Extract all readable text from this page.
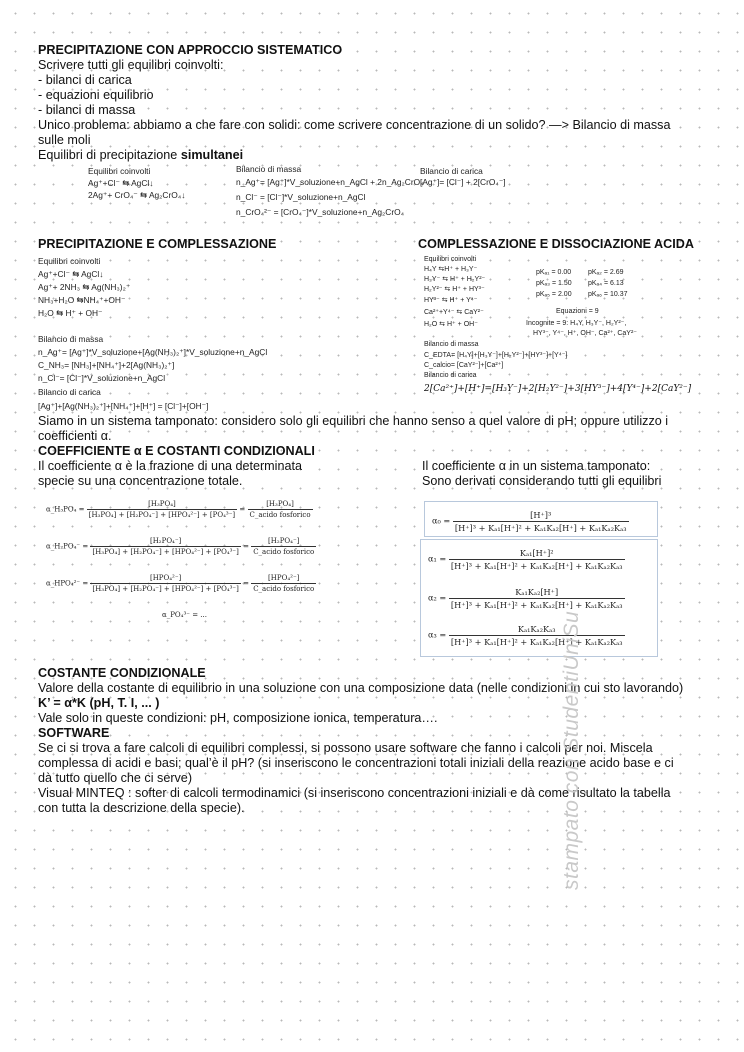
PRECIPITAZIONE CON APPROCCIO SISTEMATICO
Scrivere tutti gli equilibri coinvolti:
- bilanci di carica
- equazioni equilibrio
- bilanci di massa
Unico problema: abbiamo a che fare con solidi: come scrivere concentrazione di un solido? —> Bilancio di massa
sulle moli
Equilibri di precipitazione simultanei
Equilibri coinvolti
Ag⁺+Cl⁻ ⇆ AgCl↓
2Ag⁺+ CrO₄⁻ ⇆ Ag₂CrO₄↓
Bilancio di massa
n_Ag⁺= [Ag⁺]*V_soluzione+n_AgCl + 2n_Ag₂CrO₄
n_Cl⁻ = [Cl⁻]*V_soluzione+n_AgCl
n_CrO₄²⁻ = [CrO₄⁻]*V_soluzione+n_Ag₂CrO₄
Bilancio di carica
[Ag⁺]= [Cl⁻] + 2[CrO₄⁻]
PRECIPITAZIONE E COMPLESSAZIONE
Equilibri coinvolti
Ag⁺+Cl⁻ ⇆ AgCl↓
Ag⁺+ 2NH₃ ⇆ Ag(NH₃)₂⁺
NH₃+H₂O ⇆NH₄⁺+OH⁻
H₂O ⇆ H⁺ + OH⁻
Bilancio di massa
n_Ag⁺= [Ag⁺]*V_soluzione+[Ag(NH₃)₂⁺]*V_soluzione+n_AgCl
C_NH₃= [NH₃]+[NH₄⁺]+2[Ag(NH₃)₂⁺]
n_Cl⁻= [Cl⁻]*V_soluzione+n_AgCl
Bilancio di carica
[Ag⁺]+[Ag(NH₃)₂⁺]+[NH₄⁺]+[H⁺] = [Cl⁻]+[OH⁻]
COMPLESSAZIONE E DISSOCIAZIONE ACIDA
Equilibri coinvolti
H₄Y ⇆H⁺ + H₃Y⁻
H₃Y⁻ ⇆ H⁺ + H₂Y²⁻
H₂Y²⁻ ⇆ H⁺ + HY³⁻
HY³⁻ ⇆ H⁺ + Y⁴⁻
Ca²⁺+Y⁴⁻ ⇆ CaY²⁻
H₂O ⇆ H⁺ + OH⁻
pKₐ₁ = 0.00
pKₐ₃ = 1.50
pKₐ₅ = 2.00
pKₐ₂ = 2.69
pKₐ₄ = 6.13
pKₐ₆ = 10.37
Equazioni = 9
Incognite = 9: H₄Y, H₃Y⁻, H₂Y²⁻,
HY³⁻, Y⁴⁻, H⁺, OH⁻, Ca²⁺, CaY²⁻
Bilancio di massa
C_EDTA= [H₄Y]+[H₃Y⁻]+[H₂Y²⁻]+[HY³⁻]+[Y⁴⁻]
C_calcio= [CaY²⁻]+[Ca²⁺]
Bilancio di carica
2[Ca²⁺]+[H⁺]=[H₃Y⁻]+2[H₂Y²⁻]+3[HY³⁻]+4[Y⁴⁻]+2[CaY²⁻]
Siamo in un sistema tamponato: considero solo gli equilibri che hanno senso a quel valore di pH; oppure utilizzo i
coefficienti α.
COEFFICIENTE α E COSTANTI CONDIZIONALI
Il coefficiente α è la frazione di una determinata
specie su una concentrazione totale.
Il coefficiente α in un sistema tamponato:
Sono derivati considerando tutti gli equilibri
α_H₃PO₄ = $\frac{\text{[H₃PO₄]}}{\text{[H₃PO₄] + [H₂PO₄⁻] + [HPO₄²⁻] + [PO₄³⁻]}} = \frac{\text{[H₃PO₄]}}{\text{C\_acido fosforico}}$
α_H₂PO₄⁻ = $\frac{\text{[H₂PO₄⁻]}}{\text{[H₃PO₄] + [H₂PO₄⁻] + [HPO₄²⁻] + [PO₄³⁻]}} = \frac{\text{[H₂PO₄⁻]}}{\text{C\_acido fosforico}}$
α_HPO₄²⁻ = $\frac{\text{[HPO₄²⁻]}}{\text{[H₃PO₄] + [H₂PO₄⁻] + [HPO₄²⁻] + [PO₄³⁻]}} = \frac{\text{[HPO₄²⁻]}}{\text{C\_acido fosforico}}$
α_PO₄³⁻ = ...
$\alpha_0 = \frac{\text{[H⁺]³}}{\text{[H⁺]³ + Kₐ₁[H⁺]² + Kₐ₁Kₐ₂[H⁺] + Kₐ₁Kₐ₂Kₐ₃}}$
$\alpha_1 = \frac{\text{Kₐ₁[H⁺]²}}{\text{[H⁺]³ + Kₐ₁[H⁺]² + Kₐ₁Kₐ₂[H⁺] + Kₐ₁Kₐ₂Kₐ₃}}$
$\alpha_2 = \frac{\text{Kₐ₁Kₐ₂[H⁺]}}{\text{[H⁺]³ + Kₐ₁[H⁺]² + Kₐ₁Kₐ₂[H⁺] + Kₐ₁Kₐ₂Kₐ₃}}$
$\alpha_3 = \frac{\text{Kₐ₁Kₐ₂Kₐ₃}}{\text{[H⁺]³ + Kₐ₁[H⁺]² + Kₐ₁Kₐ₂[H⁺] + Kₐ₁Kₐ₂Kₐ₃}}$
COSTANTE CONDIZIONALE
Valore della costante di equilibrio in una soluzione con una composizione data (nelle condizioni in cui sto lavorando)
K’ = α*K (pH, T. I, ... )
Vale solo in queste condizioni: pH, composizione ionica, temperatura….
SOFTWARE
Se ci si trova a fare calcoli di equilibri complessi, si possono usare software che fanno i calcoli per noi. Miscela
complessa di acidi e basi; qual’è il pH? (si inseriscono le concentrazioni totali iniziali della reazione acido base e ci
dà tutto quello che ci serve)
Visual MINTEQ : softer di calcoli termodinamici (si inseriscono concentrazioni iniziali e dà come risultato la tabella
con tutta la descrizione della specie).	stampato con StudentiUniSu
